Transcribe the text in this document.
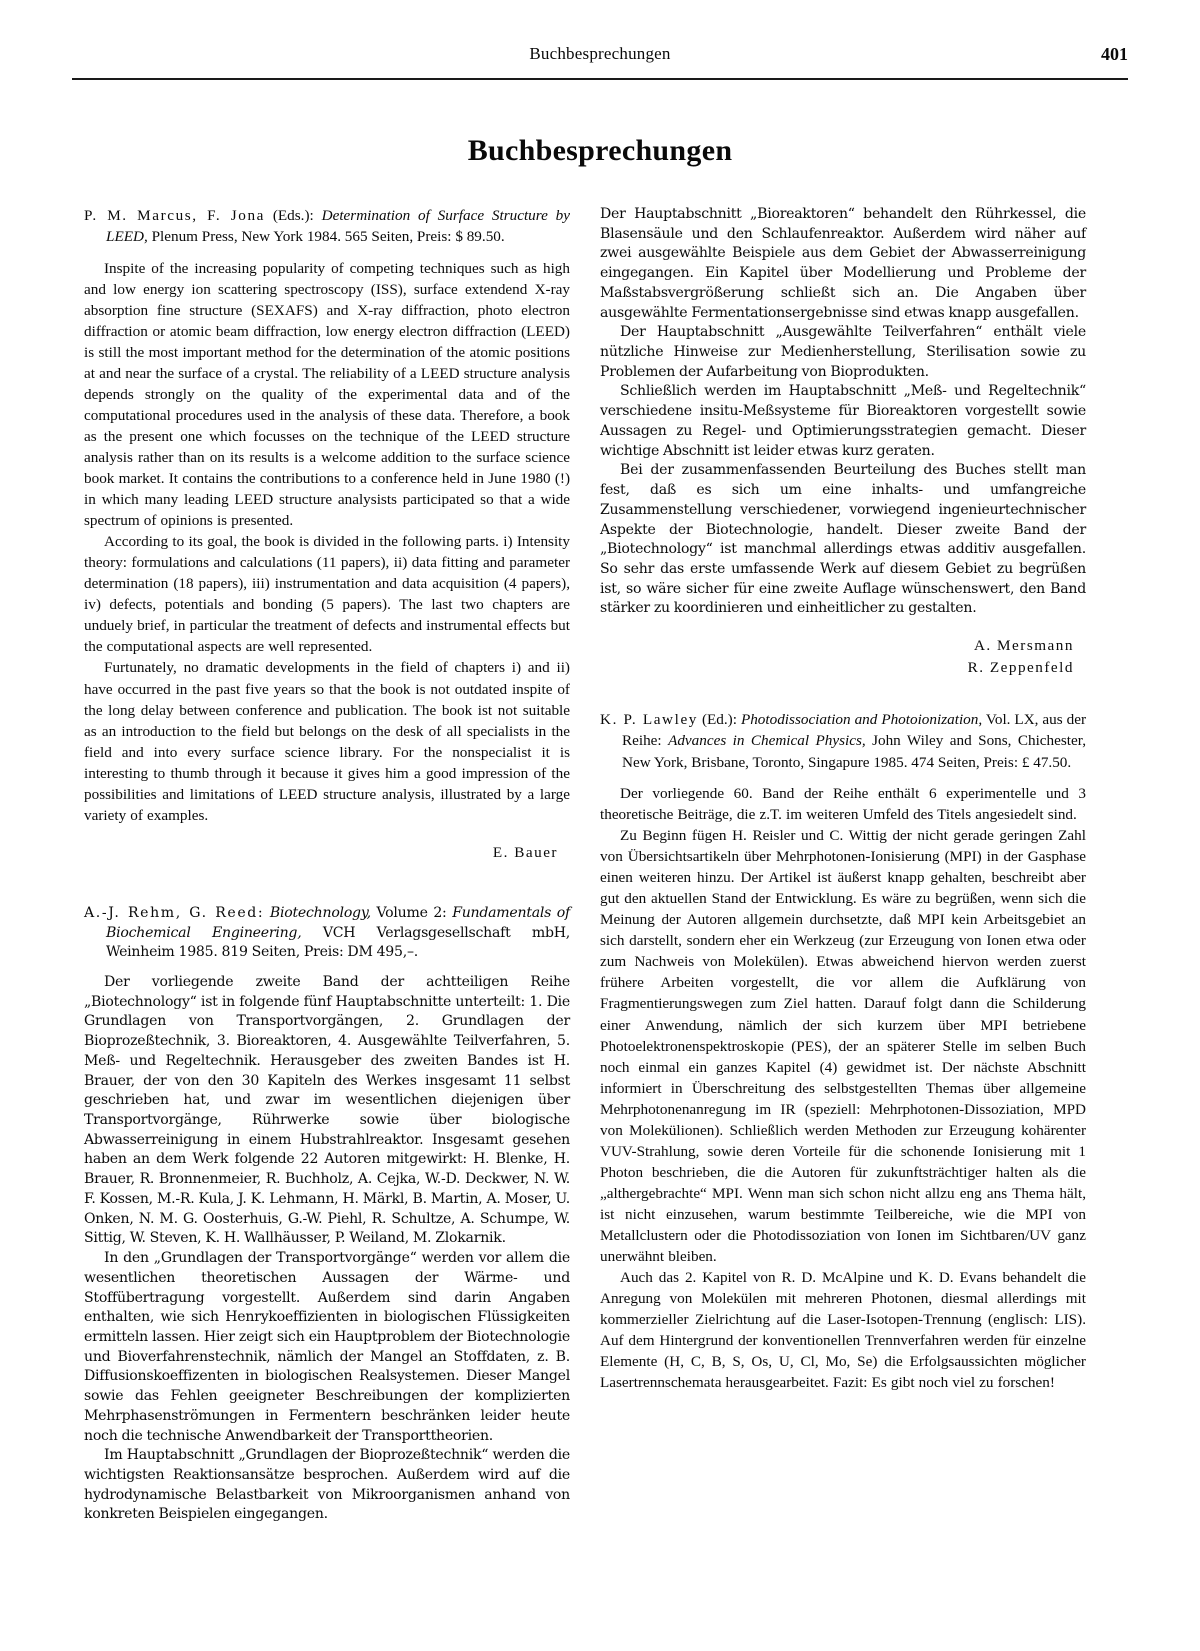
Buchbesprechungen	401
Buchbesprechungen
P. M. Marcus, F. Jona (Eds.): Determination of Surface Structure by LEED, Plenum Press, New York 1984. 565 Seiten, Preis: $ 89.50.

Inspite of the increasing popularity of competing techniques such as high and low energy ion scattering spectroscopy (ISS), surface extendend X-ray absorption fine structure (SEXAFS) and X-ray diffraction, photo electron diffraction or atomic beam diffraction, low energy electron diffraction (LEED) is still the most important method for the determination of the atomic positions at and near the surface of a crystal. The reliability of a LEED structure analysis depends strongly on the quality of the experimental data and of the computational procedures used in the analysis of these data. Therefore, a book as the present one which focusses on the technique of the LEED structure analysis rather than on its results is a welcome addition to the surface science book market. It contains the contributions to a conference held in June 1980 (!) in which many leading LEED structure analysists participated so that a wide spectrum of opinions is presented.

According to its goal, the book is divided in the following parts. i) Intensity theory: formulations and calculations (11 papers), ii) data fitting and parameter determination (18 papers), iii) instrumentation and data acquisition (4 papers), iv) defects, potentials and bonding (5 papers). The last two chapters are unduely brief, in particular the treatment of defects and instrumental effects but the computational aspects are well represented.

Furtunately, no dramatic developments in the field of chapters i) and ii) have occurred in the past five years so that the book is not outdated inspite of the long delay between conference and publication. The book ist not suitable as an introduction to the field but belongs on the desk of all specialists in the field and into every surface science library. For the nonspecialist it is interesting to thumb through it because it gives him a good impression of the possibilities and limitations of LEED structure analysis, illustrated by a large variety of examples.

E. Bauer
A.-J. Rehm, G. Reed: Biotechnology, Volume 2: Fundamentals of Biochemical Engineering, VCH Verlagsgesellschaft mbH, Weinheim 1985. 819 Seiten, Preis: DM 495,–.

Der vorliegende zweite Band der achtteiligen Reihe „Biotechnology“ ist in folgende fünf Hauptabschnitte unterteilt: 1. Die Grundlagen von Transportvorgängen, 2. Grundlagen der Bioprozeßtechnik, 3. Bioreaktoren, 4. Ausgewählte Teilverfahren, 5. Meß- und Regeltechnik. Herausgeber des zweiten Bandes ist H. Brauer, der von den 30 Kapiteln des Werkes insgesamt 11 selbst geschrieben hat, und zwar im wesentlichen diejenigen über Transportvorgänge, Rührwerke sowie über biologische Abwasserreinigung in einem Hubstrahlreaktor. Insgesamt gesehen haben an dem Werk folgende 22 Autoren mitgewirkt: H. Blenke, H. Brauer, R. Bronnenmeier, R. Buchholz, A. Cejka, W.-D. Deckwer, N. W. F. Kossen, M.-R. Kula, J. K. Lehmann, H. Märkl, B. Martin, A. Moser, U. Onken, N. M. G. Oosterhuis, G.-W. Piehl, R. Schultze, A. Schumpe, W. Sittig, W. Steven, K. H. Wallhäusser, P. Weiland, M. Zlokarnik.

In den „Grundlagen der Transportvorgänge“ werden vor allem die wesentlichen theoretischen Aussagen der Wärme- und Stoffübertragung vorgestellt. Außerdem sind darin Angaben enthalten, wie sich Henrykoeffizienten in biologischen Flüssigkeiten ermitteln lassen. Hier zeigt sich ein Hauptproblem der Biotechnologie und Bioverfahrenstechnik, nämlich der Mangel an Stoffdaten, z. B. Diffusionskoeffizenten in biologischen Realsystemen. Dieser Mangel sowie das Fehlen geeigneter Beschreibungen der komplizierten Mehrphasenströmungen in Fermentern beschränken leider heute noch die technische Anwendbarkeit der Transporttheorien.

Im Hauptabschnitt „Grundlagen der Bioprozeßtechnik“ werden die wichtigsten Reaktionsansätze besprochen. Außerdem wird auf die hydrodynamische Belastbarkeit von Mikroorganismen anhand von konkreten Beispielen eingegangen.

Der Hauptabschnitt „Bioreaktoren“ behandelt den Rührkessel, die Blasensäule und den Schlaufenreaktor. Außerdem wird näher auf zwei ausgewählte Beispiele aus dem Gebiet der Abwasserreinigung eingegangen. Ein Kapitel über Modellierung und Probleme der Maßstabsvergrößerung schließt sich an. Die Angaben über ausgewählte Fermentationsergebnisse sind etwas knapp ausgefallen.

Der Hauptabschnitt „Ausgewählte Teilverfahren“ enthält viele nützliche Hinweise zur Medienherstellung, Sterilisation sowie zu Problemen der Aufarbeitung von Bioprodukten.

Schließlich werden im Hauptabschnitt „Meß- und Regeltechnik“ verschiedene insitu-Meßsysteme für Bioreaktoren vorgestellt sowie Aussagen zu Regel- und Optimierungsstrategien gemacht. Dieser wichtige Abschnitt ist leider etwas kurz geraten.

Bei der zusammenfassenden Beurteilung des Buches stellt man fest, daß es sich um eine inhalts- und umfangreiche Zusammenstellung verschiedener, vorwiegend ingenieurtechnischer Aspekte der Biotechnologie, handelt. Dieser zweite Band der „Biotechnology“ ist manchmal allerdings etwas additiv ausgefallen. So sehr das erste umfassende Werk auf diesem Gebiet zu begrüßen ist, so wäre sicher für eine zweite Auflage wünschenswert, den Band stärker zu koordinieren und einheitlicher zu gestalten.

A. Mersmann
R. Zeppenfeld
K. P. Lawley (Ed.): Photodissociation and Photoionization, Vol. LX, aus der Reihe: Advances in Chemical Physics, John Wiley and Sons, Chichester, New York, Brisbane, Toronto, Singapure 1985. 474 Seiten, Preis: £ 47.50.

Der vorliegende 60. Band der Reihe enthält 6 experimentelle und 3 theoretische Beiträge, die z.T. im weiteren Umfeld des Titels angesiedelt sind.

Zu Beginn fügen H. Reisler und C. Wittig der nicht gerade geringen Zahl von Übersichtsartikeln über Mehrphotonen-Ionisierung (MPI) in der Gasphase einen weiteren hinzu. Der Artikel ist äußerst knapp gehalten, beschreibt aber gut den aktuellen Stand der Entwicklung. Es wäre zu begrüßen, wenn sich die Meinung der Autoren allgemein durchsetzte, daß MPI kein Arbeitsgebiet an sich darstellt, sondern eher ein Werkzeug (zur Erzeugung von Ionen etwa oder zum Nachweis von Molekülen). Etwas abweichend hiervon werden zuerst frühere Arbeiten vorgestellt, die vor allem die Aufklärung von Fragmentierungswegen zum Ziel hatten. Darauf folgt dann die Schilderung einer Anwendung, nämlich der sich kurzem über MPI betriebene Photoelektronenspektroskopie (PES), der an späterer Stelle im selben Buch noch einmal ein ganzes Kapitel (4) gewidmet ist. Der nächste Abschnitt informiert in Überschreitung des selbstgestellten Themas über allgemeine Mehrphotonenanregung im IR (speziell: Mehrphotonen-Dissoziation, MPD von Molekülionen). Schließlich werden Methoden zur Erzeugung kohärenter VUV-Strahlung, sowie deren Vorteile für die schonende Ionisierung mit 1 Photon beschrieben, die die Autoren für zukunftsträchtiger halten als die „althergebrachte“ MPI. Wenn man sich schon nicht allzu eng ans Thema hält, ist nicht einzusehen, warum bestimmte Teilbereiche, wie die MPI von Metallclustern oder die Photodissoziation von Ionen im Sichtbaren/UV ganz unerwähnt bleiben.

Auch das 2. Kapitel von R. D. McAlpine und K. D. Evans behandelt die Anregung von Molekülen mit mehreren Photonen, diesmal allerdings mit kommerzieller Zielrichtung auf die Laser-Isotopen-Trennung (englisch: LIS). Auf dem Hintergrund der konventionellen Trennverfahren werden für einzelne Elemente (H, C, B, S, Os, U, Cl, Mo, Se) die Erfolgsaussichten möglicher Lasertrennschemata herausgearbeitet. Fazit: Es gibt noch viel zu forschen!
